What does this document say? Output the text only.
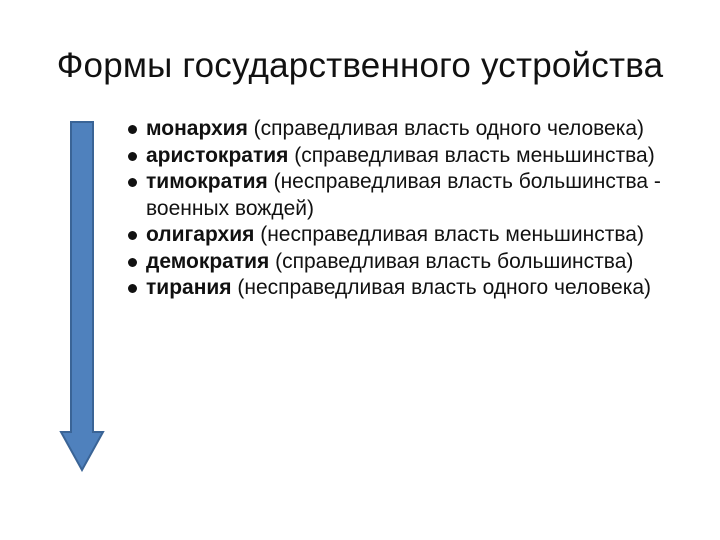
Формы государственного устройства
монархия (справедливая власть одного человека)
аристократия (справедливая власть меньшинства)
тимократия (несправедливая власть большинства - военных вождей)
олигархия (несправедливая власть меньшинства)
демократия (справедливая власть большинства)
тирания (несправедливая власть одного человека)
